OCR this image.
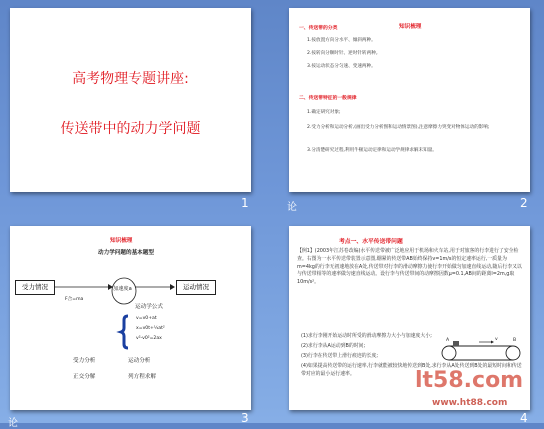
高考物理专题讲座:
传送带中的动力学问题
1
一、传送带的分类	知识梳理
1.按放置方向分水平、倾斜两种。
2.按转向分顺时针、逆时针转两种。
3.按运动状态分匀速、变速两种。
二、传送带特征的一般规律
1.确定研究对象;
2.受力分析和运动分析,(画出受力分析图和运动情景图),注意摩擦力突变对物体运动的影响;
3.分清楚研究过程,利用牛顿运动定律和运动学规律求解未知量。
论	2
知识梳理
动力学问题的基本题型
受力情况	加速度a	运动情况
F合=ma
运动学公式
v=v0+at
x=v0t+½at²
v²-v0²=2ax
受力分析	运动分析
正交分解	列方程求解
论	3
考点一、水平传送带问题
【例1】(2003年江苏卷改编)水平传送带被广泛地应用于机场和火车站,用于对旅客的行李进行了安全检查。右图为一水平传送带装置示意图,绷紧的传送带AB始终保持v=1m/s的恒定速率运行,一质量为m=4kg的行李无初速地放在A处,传送带对行李的滑动摩擦力使行李开始做匀加速直线运动,随后行李又以与传送带相等的速率做匀速直线运动。设行李与传送带间的动摩擦因数μ=0.1,AB间的距离l=2m,g取10m/s²。
(1)求行李刚开始运动时所受的滑动摩擦力大小与加速度大小;
(2)求行李从A运动到B的时间;
(3)行李在传送带上滑行痕迹的长度;
(4)如果提高传送带的运行速率,行李就能被较快地传送到B处,求行李从A处传送到B处的最短时间和传送带对应的最小运行速率。
A	B
v
4
lt58.com
www.ht88.com
